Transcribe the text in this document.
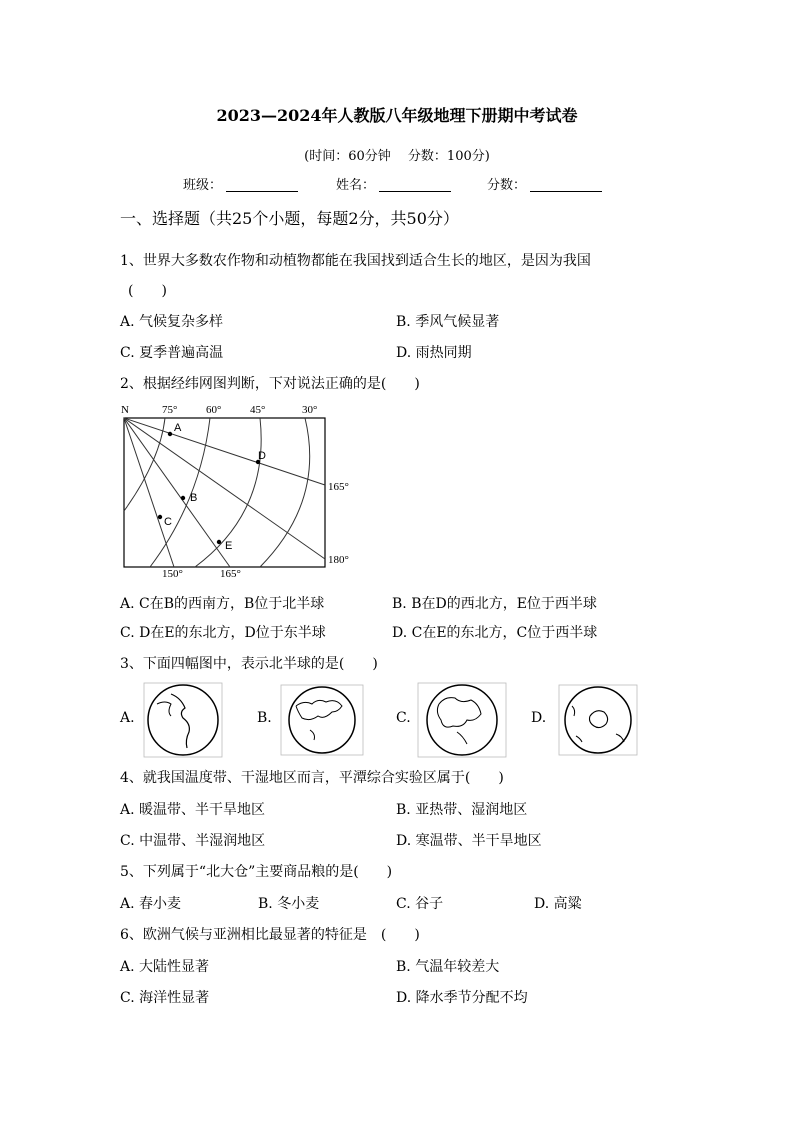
2023—2024年人教版八年级地理下册期中考试卷
(时间：60分钟　 分数：100分)
班级：	姓名：	分数：
一、选择题（共25个小题，每题2分，共50分）
1、世界大多数农作物和动植物都能在我国找到适合生长的地区，是因为我国
(　　)
A. 气候复杂多样	B. 季风气候显著
C. 夏季普遍高温	D. 雨热同期
2、根据经纬网图判断，下对说法正确的是(　　)
A
B
C
D
E
N	75°	60°	45°	30°
165°
180°
150°	165°
A. C在B的西南方，B位于北半球	B. B在D的西北方，E位于西半球
C. D在E的东北方，D位于东半球	D. C在E的东北方，C位于西半球
3、下面四幅图中，表示北半球的是(　　)
A.	B.	C.	D.
4、就我国温度带、干湿地区而言，平潭综合实验区属于(　　)
A. 暖温带、半干旱地区	B. 亚热带、湿润地区
C. 中温带、半湿润地区	D. 寒温带、半干旱地区
5、下列属于“北大仓”主要商品粮的是(　　)
A. 春小麦	B. 冬小麦	C. 谷子	D. 高粱
6、欧洲气候与亚洲相比最显著的特征是　(　　)
A. 大陆性显著	B. 气温年较差大
C. 海洋性显著	D. 降水季节分配不均
